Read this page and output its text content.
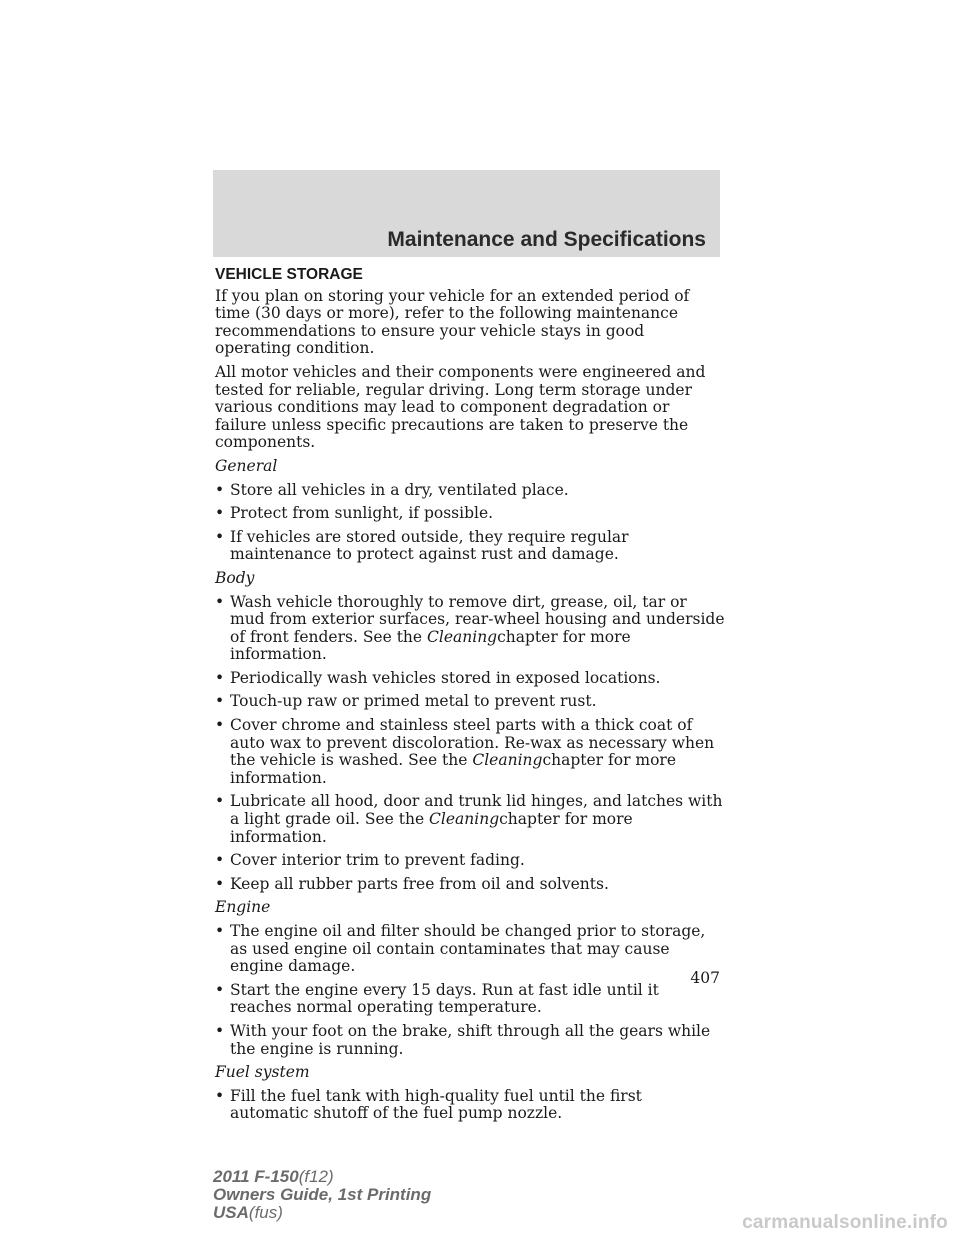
Maintenance and Specifications
VEHICLE STORAGE

If you plan on storing your vehicle for an extended period of time (30 days or more), refer to the following maintenance recommendations to ensure your vehicle stays in good operating condition.

All motor vehicles and their components were engineered and tested for reliable, regular driving. Long term storage under various conditions may lead to component degradation or failure unless specific precautions are taken to preserve the components.

General
• Store all vehicles in a dry, ventilated place.
• Protect from sunlight, if possible.
• If vehicles are stored outside, they require regular maintenance to protect against rust and damage.
Body
• Wash vehicle thoroughly to remove dirt, grease, oil, tar or mud from exterior surfaces, rear-wheel housing and underside of front fenders. See the Cleaningchapter for more information.
• Periodically wash vehicles stored in exposed locations.
• Touch-up raw or primed metal to prevent rust.
• Cover chrome and stainless steel parts with a thick coat of auto wax to prevent discoloration. Re-wax as necessary when the vehicle is washed. See the Cleaningchapter for more information.
• Lubricate all hood, door and trunk lid hinges, and latches with a light grade oil. See the Cleaningchapter for more information.
• Cover interior trim to prevent fading.
• Keep all rubber parts free from oil and solvents.
Engine
• The engine oil and filter should be changed prior to storage, as used engine oil contain contaminates that may cause engine damage.
• Start the engine every 15 days. Run at fast idle until it reaches normal operating temperature.
• With your foot on the brake, shift through all the gears while the engine is running.
Fuel system
• Fill the fuel tank with high-quality fuel until the first automatic shutoff of the fuel pump nozzle.
407
2011 F-150(f12)
Owners Guide, 1st Printing
USA(fus)	carmanualsonline.info
